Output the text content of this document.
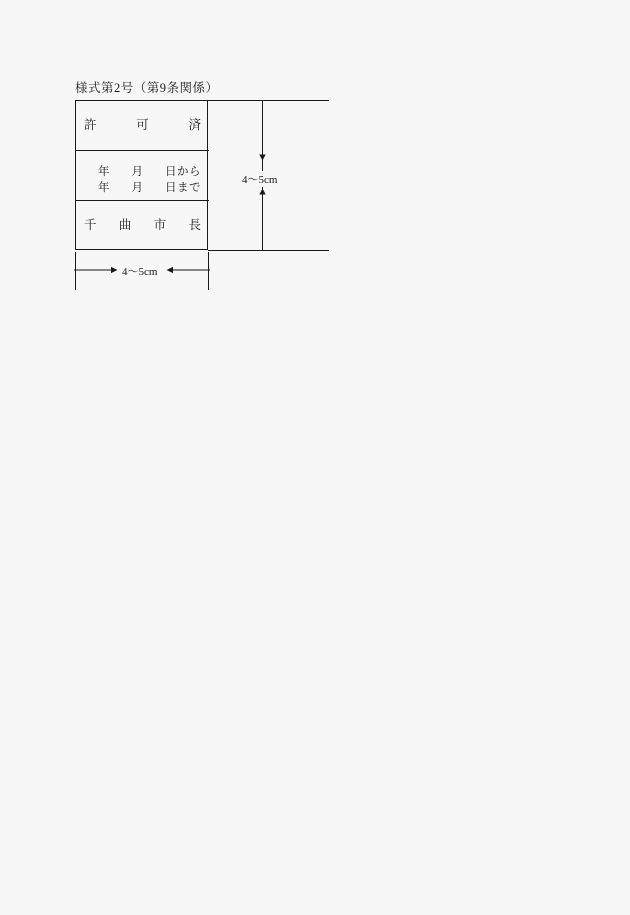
様式第2号（第9条関係）
許	可	済
年 月 日から
年 月 日まで
千 曲 市 長
4〜5cm
4〜5cm
